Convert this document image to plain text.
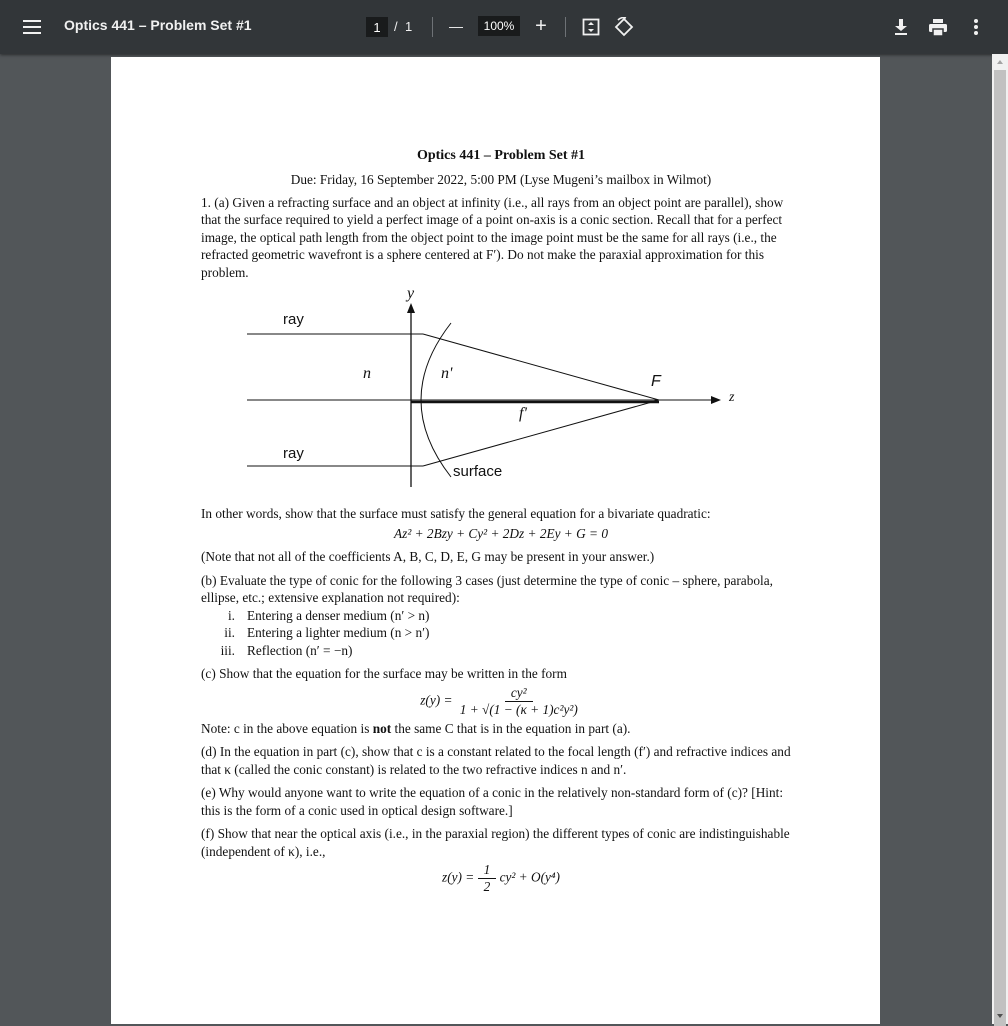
Optics 441 – Problem Set #1	1	/ 1	—	100% +

Optics 441 – Problem Set #1

Due: Friday, 16 September 2022, 5:00 PM (Lyse Mugeni’s mailbox in Wilmot)

1. (a) Given a refracting surface and an object at infinity (i.e., all rays from an object point are parallel), show that the surface required to yield a perfect image of a point on-axis is a conic section. Recall that for a perfect image, the optical path length from the object point to the image point must be the same for all rays (i.e., the refracted geometric wavefront is a sphere centered at F′). Do not make the paraxial approximation for this problem.

y
z
ray
ray
n	n'	F
f'
surface

In other words, show that the surface must satisfy the general equation for a bivariate quadratic:

Az² + 2Bzy + Cy² + 2Dz + 2Ey + G = 0

(Note that not all of the coefficients A, B, C, D, E, G may be present in your answer.)

(b) Evaluate the type of conic for the following 3 cases (just determine the type of conic – sphere, parabola, ellipse, etc.; extensive explanation not required):

i. Entering a denser medium (n′ > n)
ii. Entering a lighter medium (n > n′)
iii. Reflection (n′ = −n)

(c) Show that the equation for the surface may be written in the form

$z(y) = \frac{\text{cy²}}{\text{1 + √(1 − (κ + 1)c²y²)}}$

Note: c in the above equation is not the same C that is in the equation in part (a).

(d) In the equation in part (c), show that c is a constant related to the focal length (f′) and refractive indices and that κ (called the conic constant) is related to the two refractive indices n and n′.

(e) Why would anyone want to write the equation of a conic in the relatively non-standard form of (c)? [Hint: this is the form of a conic used in optical design software.]

(f) Show that near the optical axis (i.e., in the paraxial region) the different types of conic are indistinguishable (independent of κ), i.e.,

$z(y) = \frac{1}{2} cy^2 + O(y^4)$
